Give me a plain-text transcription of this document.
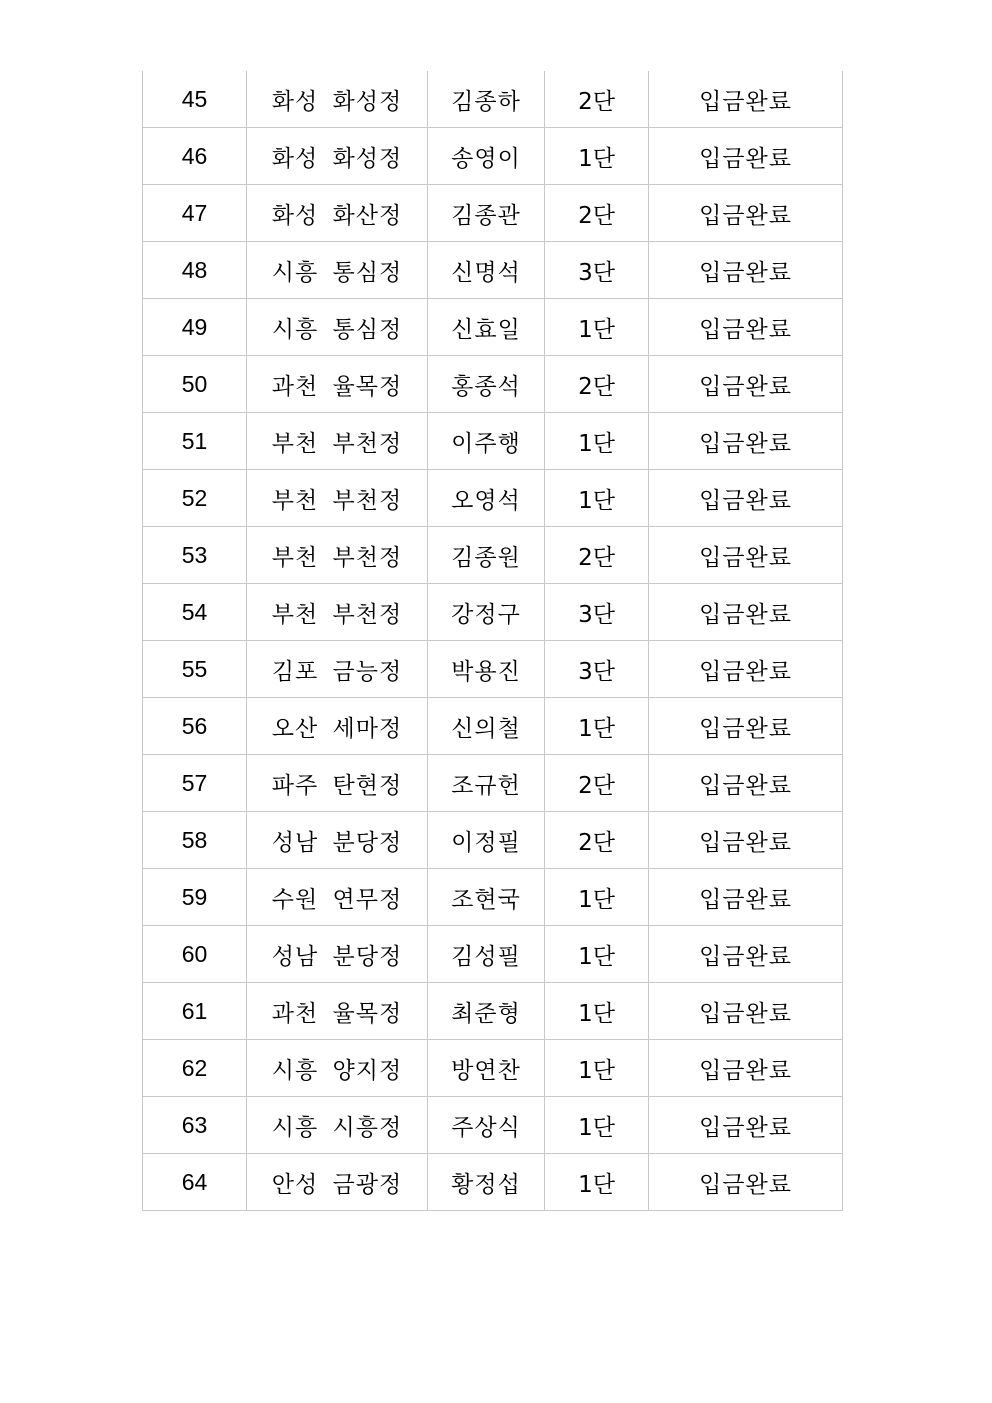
45	화성 화성정	김종하	2단	입금완료
46	화성 화성정	송영이	1단	입금완료
47	화성 화산정	김종관	2단	입금완료
48	시흥 통심정	신명석	3단	입금완료
49	시흥 통심정	신효일	1단	입금완료
50	과천 율목정	홍종석	2단	입금완료
51	부천 부천정	이주행	1단	입금완료
52	부천 부천정	오영석	1단	입금완료
53	부천 부천정	김종원	2단	입금완료
54	부천 부천정	강정구	3단	입금완료
55	김포 금능정	박용진	3단	입금완료
56	오산 세마정	신의철	1단	입금완료
57	파주 탄현정	조규헌	2단	입금완료
58	성남 분당정	이정필	2단	입금완료
59	수원 연무정	조현국	1단	입금완료
60	성남 분당정	김성필	1단	입금완료
61	과천 율목정	최준형	1단	입금완료
62	시흥 양지정	방연찬	1단	입금완료
63	시흥 시흥정	주상식	1단	입금완료
64	안성 금광정	황정섭	1단	입금완료
